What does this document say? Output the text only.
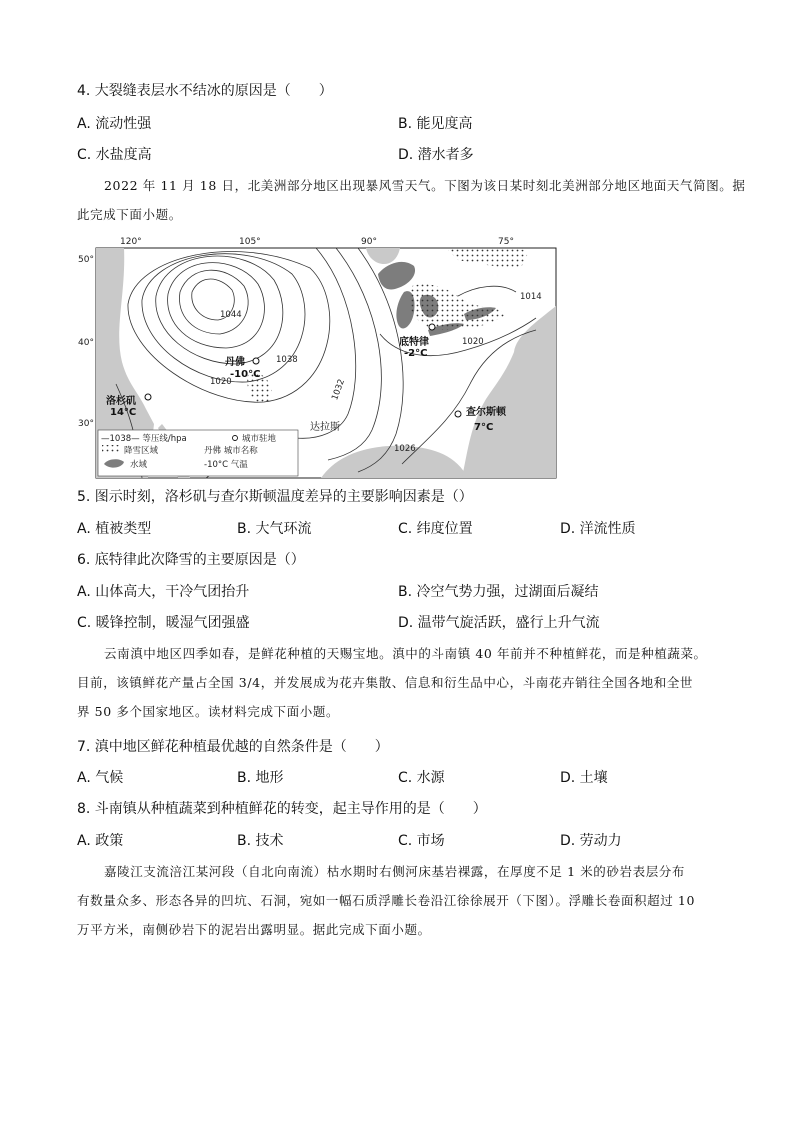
4. 大裂缝表层水不结冰的原因是（　　）
A. 流动性强	B. 能见度高
C. 水盐度高	D. 潜水者多
2022 年 11 月 18 日，北美洲部分地区出现暴风雪天气。下图为该日某时刻北美洲部分地区地面天气简图。据此完成下面小题。
1044
1038
1032
1026
1020
1020
1014
120°	105°	90°	75°
50°
40°
30°
丹佛
-10°C
洛杉矶
14°C
底特律
-2°C
查尔斯顿
7°C
达拉斯
—1038— 等压线/hpa	城市驻地
降雪区域	丹佛 城市名称
水域	-10°C 气温
5. 图示时刻，洛杉矶与查尔斯顿温度差异的主要影响因素是（）
A. 植被类型	B. 大气环流	C. 纬度位置	D. 洋流性质
6. 底特律此次降雪的主要原因是（）
A. 山体高大，干冷气团抬升	B. 冷空气势力强，过湖面后凝结
C. 暖锋控制，暖湿气团强盛	D. 温带气旋活跃，盛行上升气流
云南滇中地区四季如春，是鲜花种植的天赐宝地。滇中的斗南镇 40 年前并不种植鲜花，而是种植蔬菜。
目前，该镇鲜花产量占全国 3/4，并发展成为花卉集散、信息和衍生品中心，斗南花卉销往全国各地和全世
界 50 多个国家地区。读材料完成下面小题。
7. 滇中地区鲜花种植最优越的自然条件是（　　）
A. 气候	B. 地形	C. 水源	D. 土壤
8. 斗南镇从种植蔬菜到种植鲜花的转变，起主导作用的是（　　）
A. 政策	B. 技术	C. 市场	D. 劳动力
嘉陵江支流涪江某河段（自北向南流）枯水期时右侧河床基岩裸露，在厚度不足 1 米的砂岩表层分布
有数量众多、形态各异的凹坑、石洞，宛如一幅石质浮雕长卷沿江徐徐展开（下图）。浮雕长卷面积超过 10
万平方米，南侧砂岩下的泥岩出露明显。据此完成下面小题。
